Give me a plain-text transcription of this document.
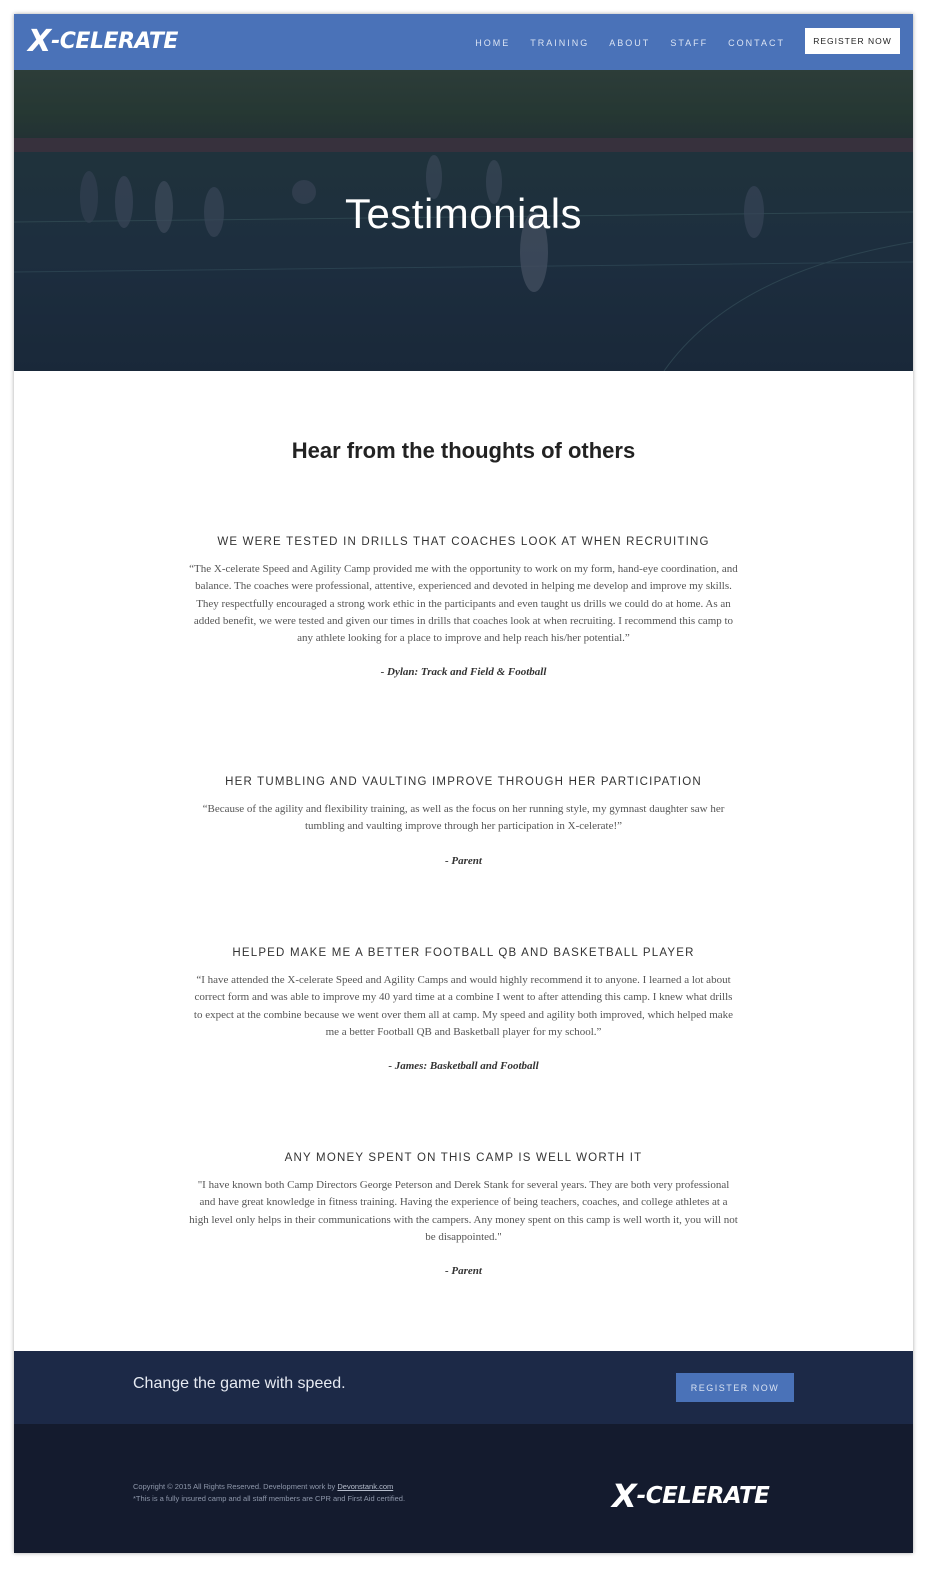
X -CELERATE	HOME TRAINING ABOUT STAFF CONTACT	REGISTER NOW
Testimonials
Hear from the thoughts of others
WE WERE TESTED IN DRILLS THAT COACHES LOOK AT WHEN RECRUITING
“The X-celerate Speed and Agility Camp provided me with the opportunity to work on my form, hand-eye coordination, and balance. The coaches were professional, attentive, experienced and devoted in helping me develop and improve my skills. They respectfully encouraged a strong work ethic in the participants and even taught us drills we could do at home. As an added benefit, we were tested and given our times in drills that coaches look at when recruiting. I recommend this camp to any athlete looking for a place to improve and help reach his/her potential.”
- Dylan: Track and Field & Football
HER TUMBLING AND VAULTING IMPROVE THROUGH HER PARTICIPATION
“Because of the agility and flexibility training, as well as the focus on her running style, my gymnast daughter saw her tumbling and vaulting improve through her participation in X-celerate!”
- Parent
HELPED MAKE ME A BETTER FOOTBALL QB AND BASKETBALL PLAYER
“I have attended the X-celerate Speed and Agility Camps and would highly recommend it to anyone. I learned a lot about correct form and was able to improve my 40 yard time at a combine I went to after attending this camp. I knew what drills to expect at the combine because we went over them all at camp. My speed and agility both improved, which helped make me a better Football QB and Basketball player for my school.”
- James: Basketball and Football
ANY MONEY SPENT ON THIS CAMP IS WELL WORTH IT
"I have known both Camp Directors George Peterson and Derek Stank for several years. They are both very professional and have great knowledge in fitness training. Having the experience of being teachers, coaches, and college athletes at a high level only helps in their communications with the campers. Any money spent on this camp is well worth it, you will not be disappointed."
- Parent
Change the game with speed.	REGISTER NOW
Copyright © 2015 All Rights Reserved. Development work by Devonstank.com
*This is a fully insured camp and all staff members are CPR and First Aid certified.	X -CELERATE
